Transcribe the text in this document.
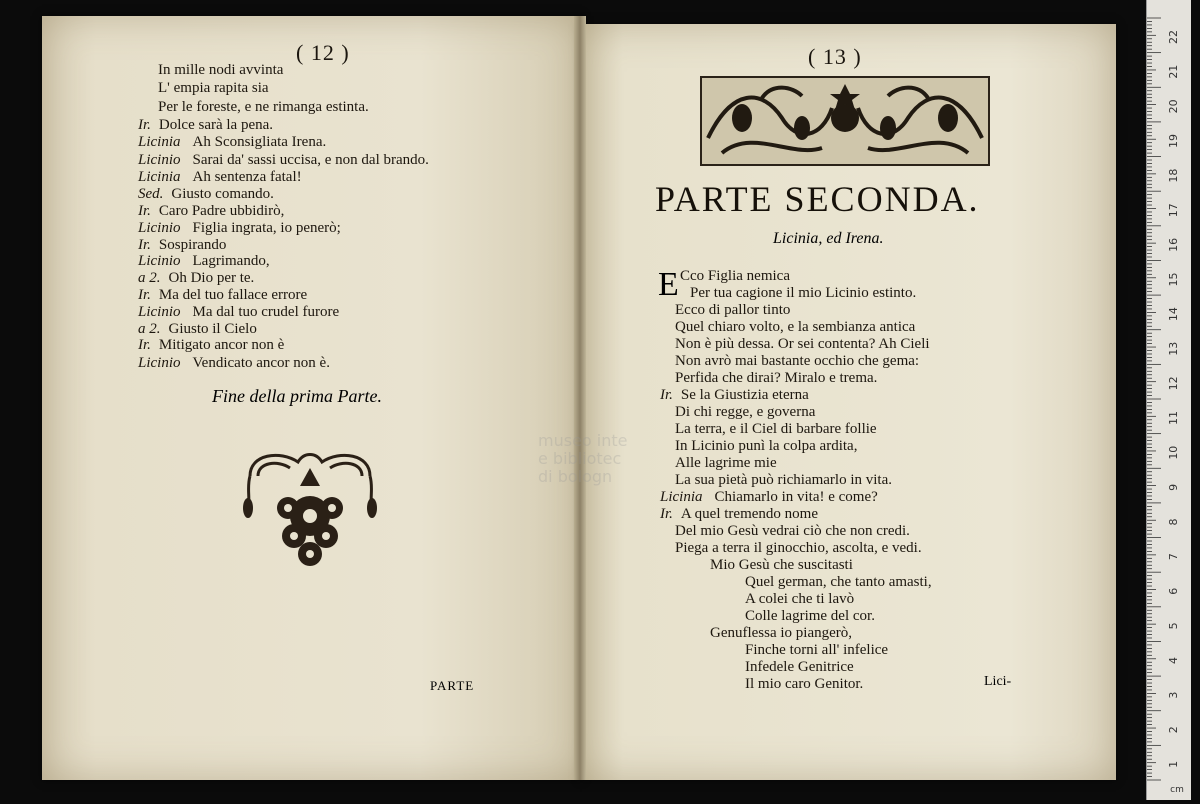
( 12 )
In mille nodi avvinta
L' empia rapita sia
Per le foreste, e ne rimanga estinta.
Ir. Dolce sarà la pena.
Licinia Ah Sconsigliata Irena.
Licinio Sarai da' sassi uccisa, e non dal brando.
Licinia Ah sentenza fatal!
Sed. Giusto comando.
Ir. Caro Padre ubbidirò,
Licinio Figlia ingrata, io penerò;
Ir. Sospirando
Licinio Lagrimando,
a 2. Oh Dio per te.
Ir. Ma del tuo fallace errore
Licinio Ma dal tuo crudel furore
a 2. Giusto il Cielo
Ir. Mitigato ancor non è
Licinio Vendicato ancor non è.
Fine della prima Parte.
PARTE
( 13 )
PARTE SECONDA.
Licinia, ed Irena.
E Cco Figlia nemica
Per tua cagione il mio Licinio estinto.
Ecco di pallor tinto
Quel chiaro volto, e la sembianza antica
Non è più dessa. Or sei contenta? Ah Cieli
Non avrò mai bastante occhio che gema:
Perfida che dirai? Miralo e trema.
Ir. Se la Giustizia eterna
Di chi regge, e governa
La terra, e il Ciel di barbare follie
In Licinio punì la colpa ardita,
Alle lagrime mie
La sua pietà può richiamarlo in vita.
Licinia Chiamarlo in vita! e come?
Ir. A quel tremendo nome
Del mio Gesù vedrai ciò che non credi.
Piega a terra il ginocchio, ascolta, e vedi.
Mio Gesù che suscitasti
Quel german, che tanto amasti,
A colei che ti lavò
Colle lagrime del cor.
Genuflessa io piangerò,
Finche torni all' infelice
Infedele Genitrice
Il mio caro Genitor.	Lici-
museo inte
e bibliotec
di bologn
22
21
20
19
18
17
16
15
14
13
12
11
10
9
8
7
6
5
4
3
2
1
cm
